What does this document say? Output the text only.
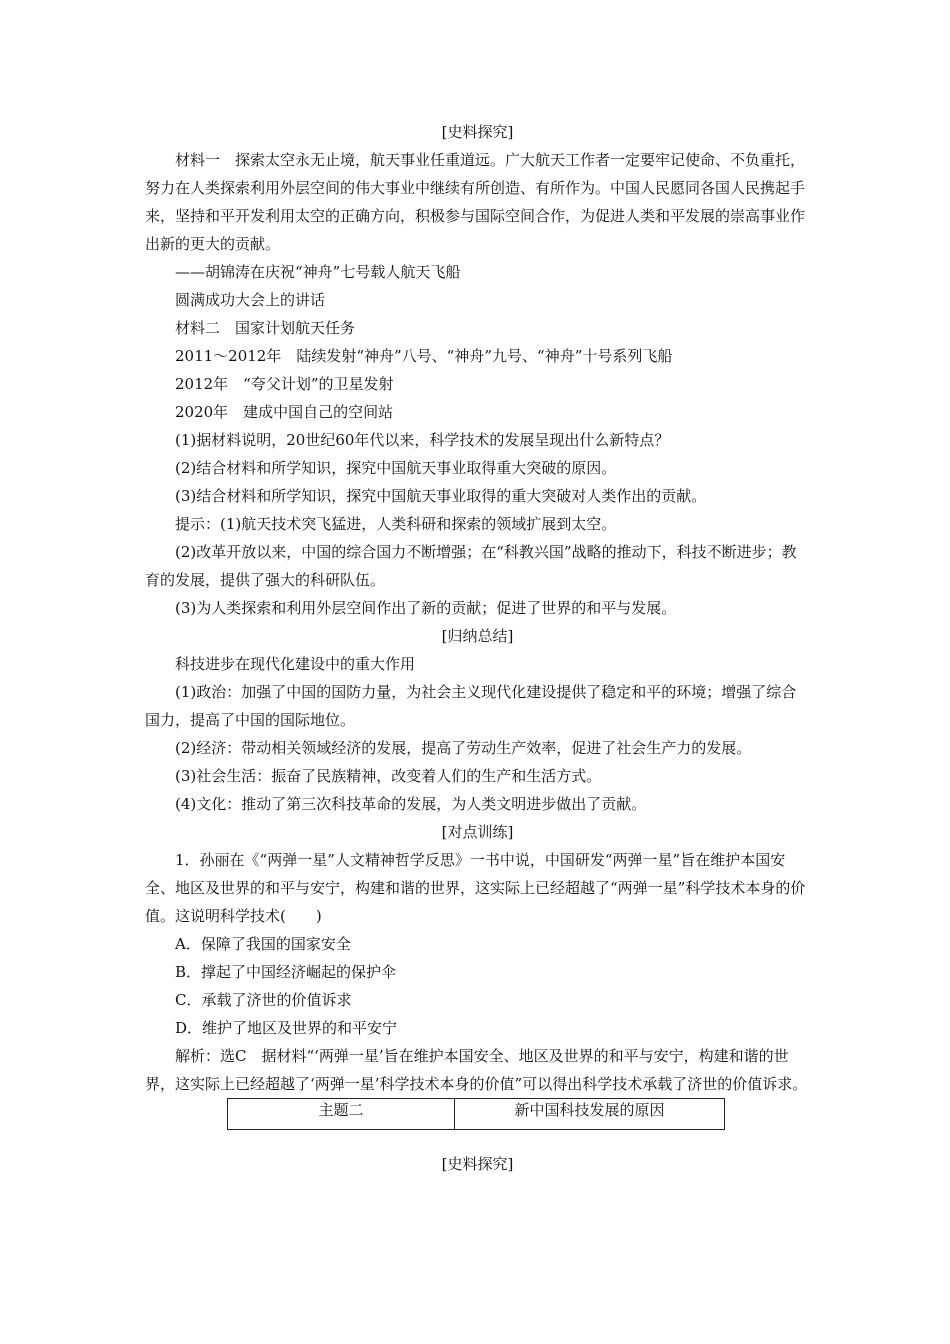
[史料探究]

材料一　探索太空永无止境，航天事业任重道远。广大航天工作者一定要牢记使命、不负重托，努力在人类探索利用外层空间的伟大事业中继续有所创造、有所作为。中国人民愿同各国人民携起手来，坚持和平开发利用太空的正确方向，积极参与国际空间合作，为促进人类和平发展的崇高事业作出新的更大的贡献。

——胡锦涛在庆祝“神舟”七号载人航天飞船

圆满成功大会上的讲话

材料二　国家计划航天任务

2011～2012年　陆续发射“神舟”八号、“神舟”九号、“神舟”十号系列飞船

2012年　“夸父计划”的卫星发射

2020年　建成中国自己的空间站

(1)据材料说明，20世纪60年代以来，科学技术的发展呈现出什么新特点？

(2)结合材料和所学知识，探究中国航天事业取得重大突破的原因。

(3)结合材料和所学知识，探究中国航天事业取得的重大突破对人类作出的贡献。

提示：(1)航天技术突飞猛进，人类科研和探索的领域扩展到太空。

(2)改革开放以来，中国的综合国力不断增强；在“科教兴国”战略的推动下，科技不断进步；教育的发展，提供了强大的科研队伍。

(3)为人类探索和利用外层空间作出了新的贡献；促进了世界的和平与发展。

[归纳总结]

科技进步在现代化建设中的重大作用

(1)政治：加强了中国的国防力量，为社会主义现代化建设提供了稳定和平的环境；增强了综合国力，提高了中国的国际地位。

(2)经济：带动相关领域经济的发展，提高了劳动生产效率，促进了社会生产力的发展。

(3)社会生活：振奋了民族精神，改变着人们的生产和生活方式。

(4)文化：推动了第三次科技革命的发展，为人类文明进步做出了贡献。

[对点训练]

1．孙丽在《“两弹一星”人文精神哲学反思》一书中说，中国研发“两弹一星”旨在维护本国安全、地区及世界的和平与安宁，构建和谐的世界，这实际上已经超越了“两弹一星”科学技术本身的价值。这说明科学技术(　　)

A．保障了我国的国家安全

B．撑起了中国经济崛起的保护伞

C．承载了济世的价值诉求

D．维护了地区及世界的和平安宁

解析：选C　据材料“‘两弹一星’旨在维护本国安全、地区及世界的和平与安宁，构建和谐的世界，这实际上已经超越了‘两弹一星’科学技术本身的价值”可以得出科学技术承载了济世的价值诉求。

主题二	新中国科技发展的原因

[史料探究]
